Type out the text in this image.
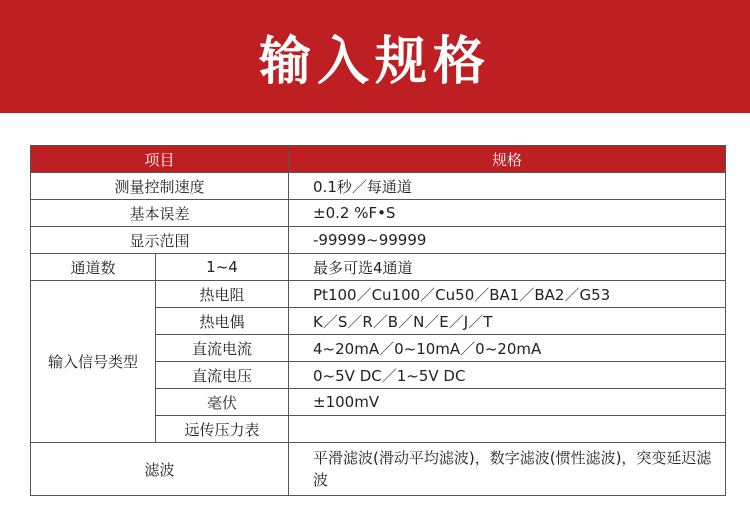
输入规格
项目		规格
测量控制速度		0.1秒／每通道
基本误差		±0.2 %F•S
显示范围		-99999~99999
通道数	1~4	最多可选4通道
输入信号类型	热电阻	Pt100／Cu100／Cu50／BA1／BA2／G53
	热电偶	K／S／R／B／N／E／J／T
	直流电流	4~20mA／0~10mA／0~20mA
	直流电压	0~5V DC／1~5V DC
	毫伏	±100mV
	远传压力表	
滤波		平滑滤波(滑动平均滤波)，数字滤波(惯性滤波)，突变延迟滤波
